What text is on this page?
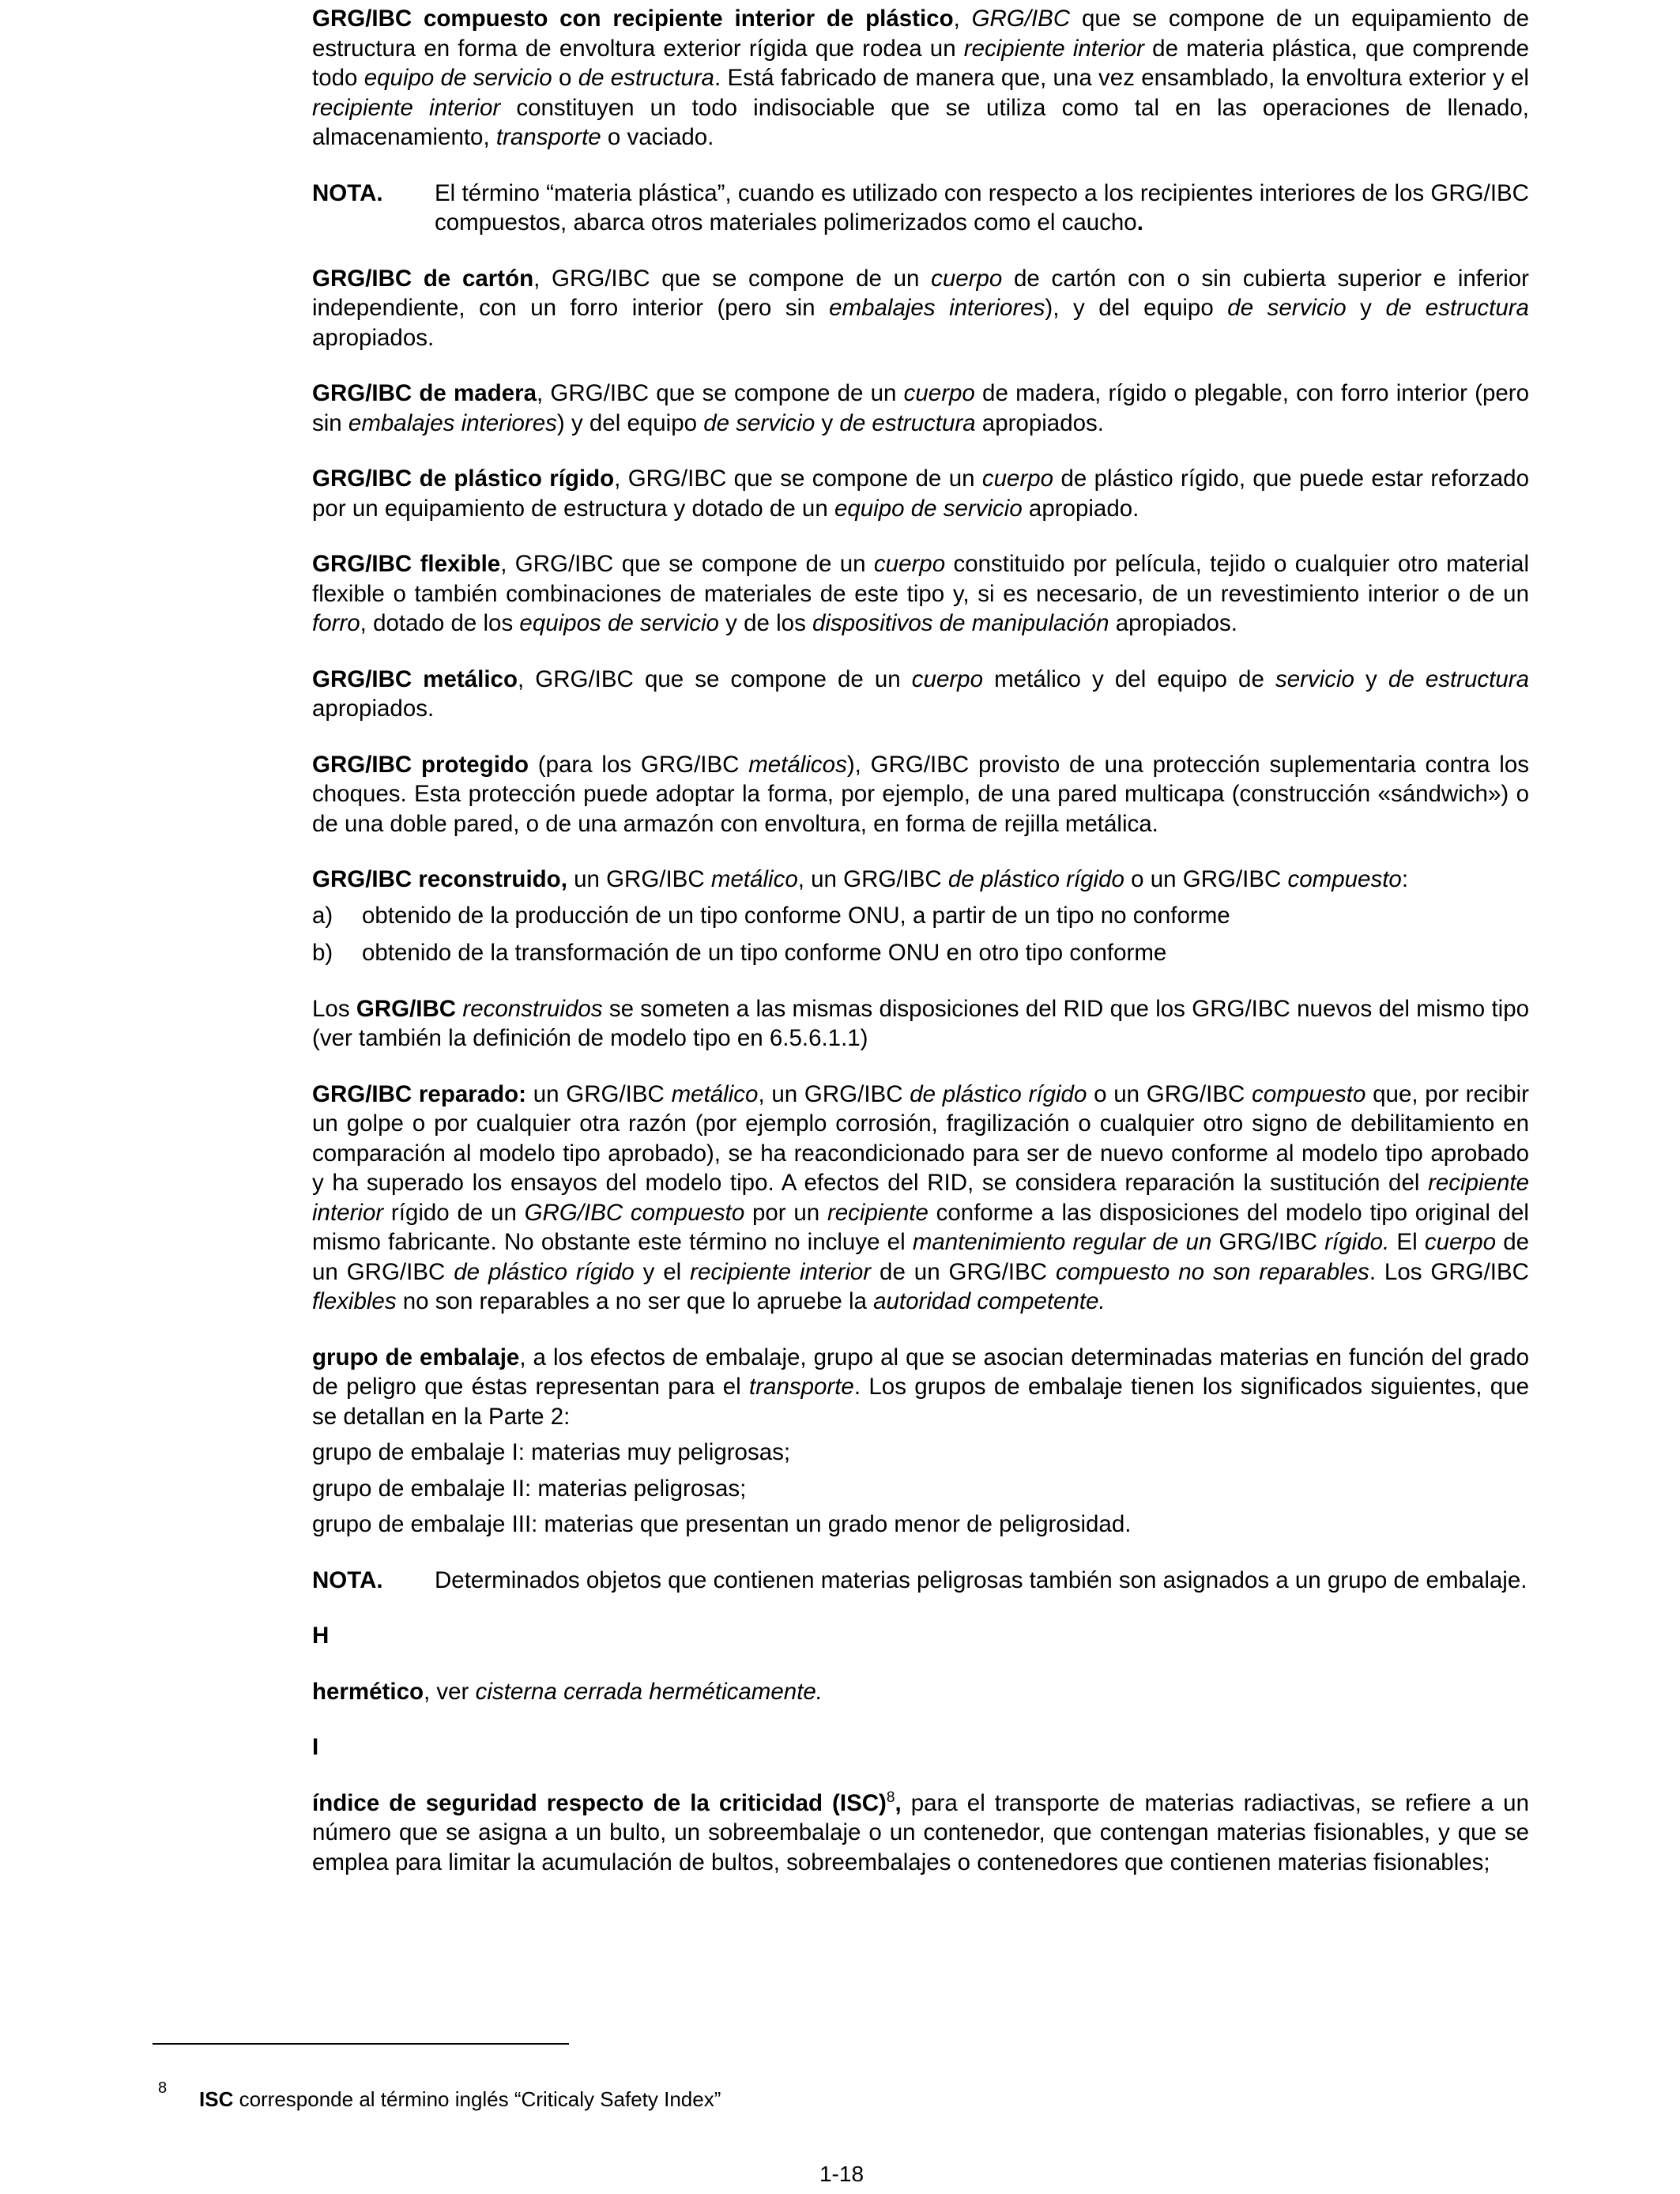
GRG/IBC compuesto con recipiente interior de plástico, GRG/IBC que se compone de un equipamiento de estructura en forma de envoltura exterior rígida que rodea un recipiente interior de materia plástica, que comprende todo equipo de servicio o de estructura. Está fabricado de manera que, una vez ensamblado, la envoltura exterior y el recipiente interior constituyen un todo indisociable que se utiliza como tal en las operaciones de llenado, almacenamiento, transporte o vaciado.

NOTA.	El término “materia plástica”, cuando es utilizado con respecto a los recipientes interiores de los GRG/IBC compuestos, abarca otros materiales polimerizados como el caucho.

GRG/IBC de cartón, GRG/IBC que se compone de un cuerpo de cartón con o sin cubierta superior e inferior independiente, con un forro interior (pero sin embalajes interiores), y del equipo de servicio y de estructura apropiados.

GRG/IBC de madera, GRG/IBC que se compone de un cuerpo de madera, rígido o plegable, con forro interior (pero sin embalajes interiores) y del equipo de servicio y de estructura apropiados.

GRG/IBC de plástico rígido, GRG/IBC que se compone de un cuerpo de plástico rígido, que puede estar reforzado por un equipamiento de estructura y dotado de un equipo de servicio apropiado.

GRG/IBC flexible, GRG/IBC que se compone de un cuerpo constituido por película, tejido o cualquier otro material flexible o también combinaciones de materiales de este tipo y, si es necesario, de un revestimiento interior o de un forro, dotado de los equipos de servicio y de los dispositivos de manipulación apropiados.

GRG/IBC metálico, GRG/IBC que se compone de un cuerpo metálico y del equipo de servicio y de estructura apropiados.

GRG/IBC protegido (para los GRG/IBC metálicos), GRG/IBC provisto de una protección suplementaria contra los choques. Esta protección puede adoptar la forma, por ejemplo, de una pared multicapa (construcción «sándwich») o de una doble pared, o de una armazón con envoltura, en forma de rejilla metálica.

GRG/IBC reconstruido, un GRG/IBC metálico, un GRG/IBC de plástico rígido o un GRG/IBC compuesto:

a)	obtenido de la producción de un tipo conforme ONU, a partir de un tipo no conforme
b)	obtenido de la transformación de un tipo conforme ONU en otro tipo conforme

Los GRG/IBC reconstruidos se someten a las mismas disposiciones del RID que los GRG/IBC nuevos del mismo tipo (ver también la definición de modelo tipo en 6.5.6.1.1)

GRG/IBC reparado: un GRG/IBC metálico, un GRG/IBC de plástico rígido o un GRG/IBC compuesto que, por recibir un golpe o por cualquier otra razón (por ejemplo corrosión, fragilización o cualquier otro signo de debilitamiento en comparación al modelo tipo aprobado), se ha reacondicionado para ser de nuevo conforme al modelo tipo aprobado y ha superado los ensayos del modelo tipo. A efectos del RID, se considera reparación la sustitución del recipiente interior rígido de un GRG/IBC compuesto por un recipiente conforme a las disposiciones del modelo tipo original del mismo fabricante. No obstante este término no incluye el mantenimiento regular de un GRG/IBC rígido. El cuerpo de un GRG/IBC de plástico rígido y el recipiente interior de un GRG/IBC compuesto no son reparables. Los GRG/IBC flexibles no son reparables a no ser que lo apruebe la autoridad competente.

grupo de embalaje, a los efectos de embalaje, grupo al que se asocian determinadas materias en función del grado de peligro que éstas representan para el transporte. Los grupos de embalaje tienen los significados siguientes, que se detallan en la Parte 2:

grupo de embalaje I: materias muy peligrosas;

grupo de embalaje II: materias peligrosas;

grupo de embalaje III: materias que presentan un grado menor de peligrosidad.

NOTA.	Determinados objetos que contienen materias peligrosas también son asignados a un grupo de embalaje.
H

hermético, ver cisterna cerrada herméticamente.

I

índice de seguridad respecto de la criticidad (ISC)$^8$, para el transporte de materias radiactivas, se refiere a un número que se asigna a un bulto, un sobreembalaje o un contenedor, que contengan materias fisionables, y que se emplea para limitar la acumulación de bultos, sobreembalajes o contenedores que contienen materias fisionables;

8 ISC corresponde al término inglés “Criticaly Safety Index”
1-18
